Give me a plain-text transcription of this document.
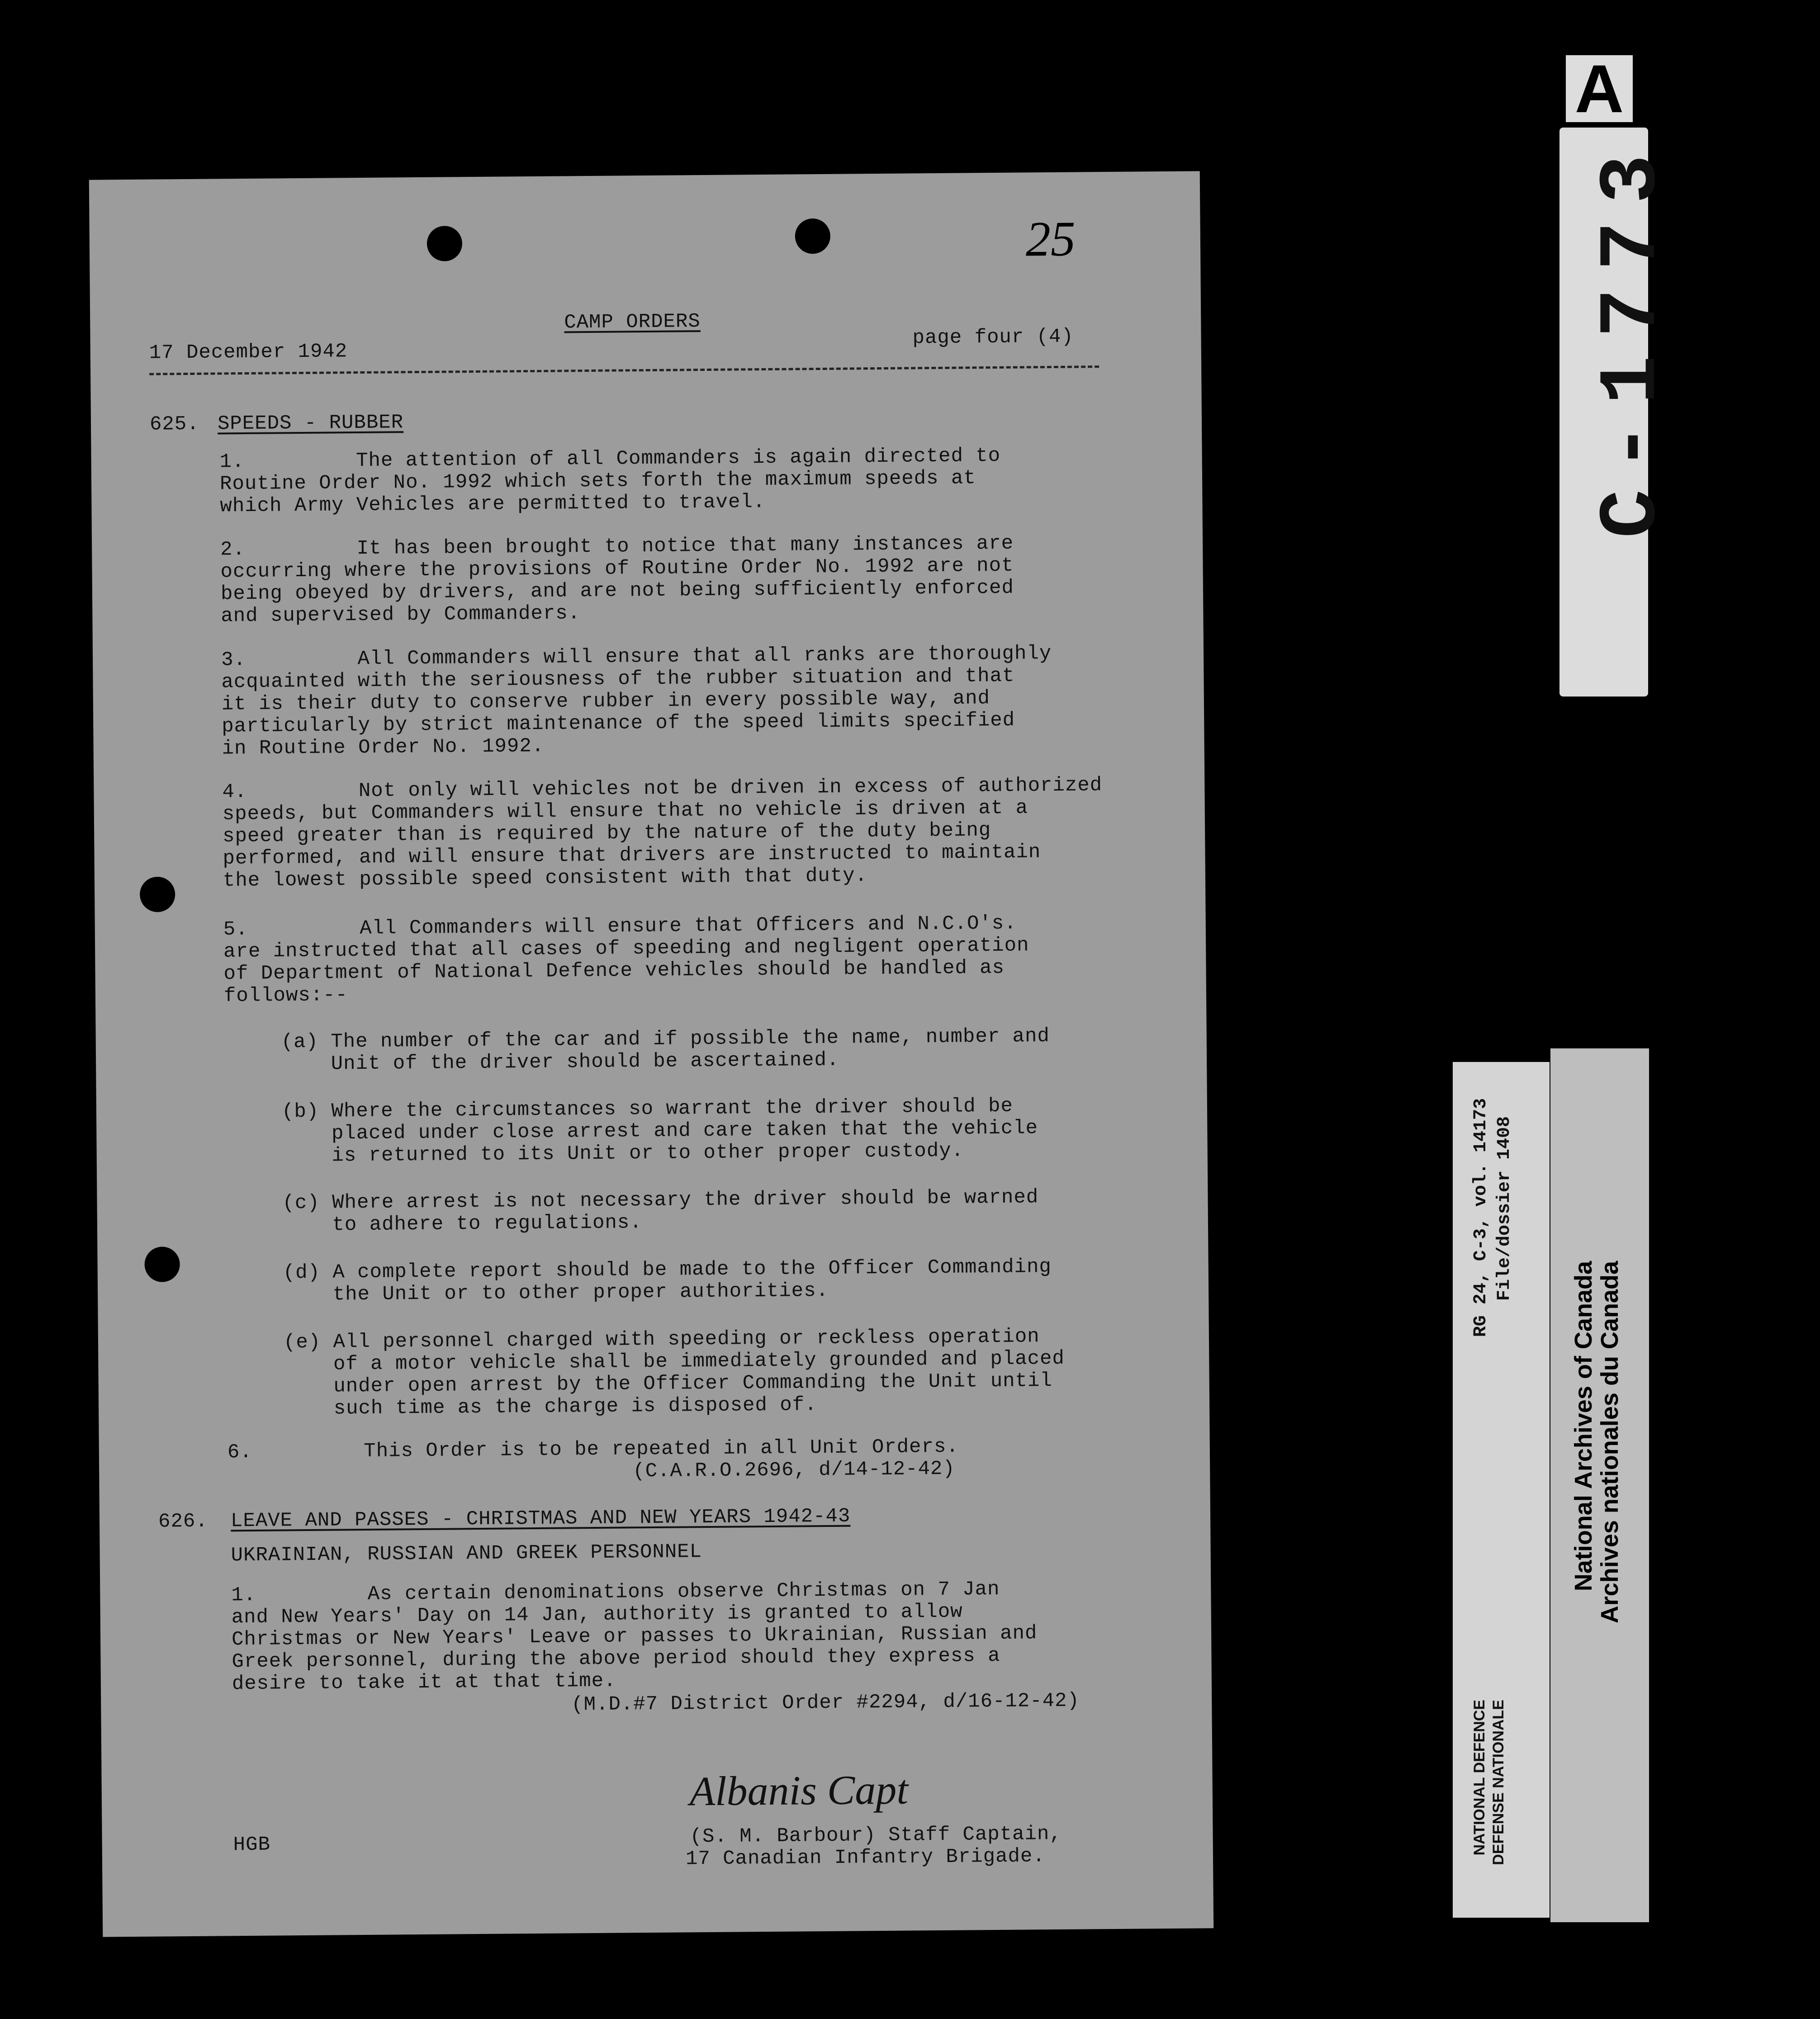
25
CAMP ORDERS
17 December 1942
page four (4)
625. SPEEDS - RUBBER
1.         The attention of all Commanders is again directed to
Routine Order No. 1992 which sets forth the maximum speeds at
which Army Vehicles are permitted to travel.
2.         It has been brought to notice that many instances are
occurring where the provisions of Routine Order No. 1992 are not
being obeyed by drivers, and are not being sufficiently enforced
and supervised by Commanders.
3.         All Commanders will ensure that all ranks are thoroughly
acquainted with the seriousness of the rubber situation and that
it is their duty to conserve rubber in every possible way, and
particularly by strict maintenance of the speed limits specified
in Routine Order No. 1992.
4.         Not only will vehicles not be driven in excess of authorized
speeds, but Commanders will ensure that no vehicle is driven at a
speed greater than is required by the nature of the duty being
performed, and will ensure that drivers are instructed to maintain
the lowest possible speed consistent with that duty.
5.         All Commanders will ensure that Officers and N.C.O's.
are instructed that all cases of speeding and negligent operation
of Department of National Defence vehicles should be handled as
follows:--
(a) The number of the car and if possible the name, number and
Unit of the driver should be ascertained.
(b) Where the circumstances so warrant the driver should be
placed under close arrest and care taken that the vehicle
is returned to its Unit or to other proper custody.
(c) Where arrest is not necessary the driver should be warned
to adhere to regulations.
(d) A complete report should be made to the Officer Commanding
the Unit or to other proper authorities.
(e) All personnel charged with speeding or reckless operation
of a motor vehicle shall be immediately grounded and placed
under open arrest by the Officer Commanding the Unit until
such time as the charge is disposed of.
6.         This Order is to be repeated in all Unit Orders.
(C.A.R.O.2696, d/14-12-42)
626. LEAVE AND PASSES - CHRISTMAS AND NEW YEARS 1942-43
UKRAINIAN, RUSSIAN AND GREEK PERSONNEL
1.         As certain denominations observe Christmas on 7 Jan
and New Years' Day on 14 Jan, authority is granted to allow
Christmas or New Years' Leave or passes to Ukrainian, Russian and
Greek personnel, during the above period should they express a
desire to take it at that time.
(M.D.#7 District Order #2294, d/16-12-42)
Albanis Capt
HGB	(S. M. Barbour) Staff Captain,
17 Canadian Infantry Brigade.
A
C-1773
RG 24, C-3, vol. 14173 File/dossier 1408
NATIONAL DEFENCE DEFENSE NATIONALE
National Archives of Canada
Archives nationales du Canada
